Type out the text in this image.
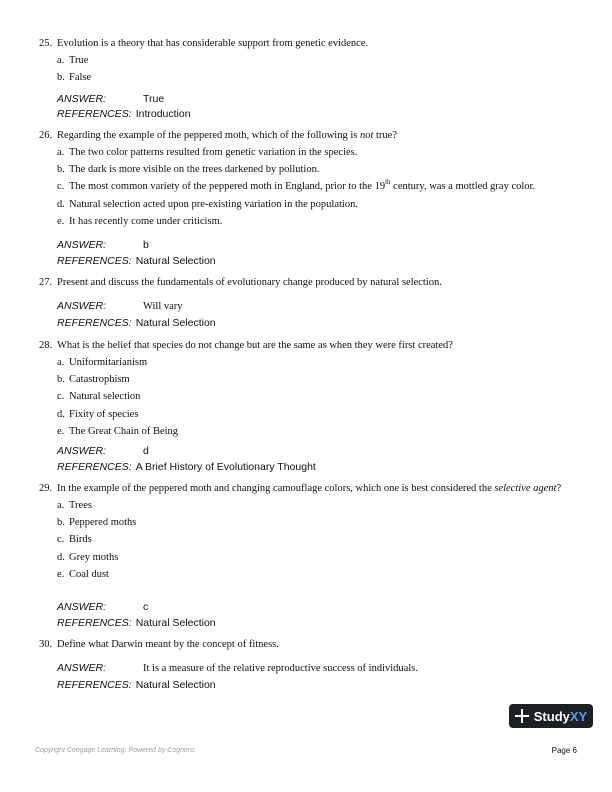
25. Evolution is a theory that has considerable support from genetic evidence.
a. True
b. False
ANSWER:	True
REFERENCES: Introduction
26. Regarding the example of the peppered moth, which of the following is not true?
a. The two color patterns resulted from genetic variation in the species.
b. The dark is more visible on the trees darkened by pollution.
c. The most common variety of the peppered moth in England, prior to the 19th century, was a mottled gray color.
d. Natural selection acted upon pre-existing variation in the population.
e. It has recently come under criticism.
ANSWER:	b
REFERENCES: Natural Selection
27. Present and discuss the fundamentals of evolutionary change produced by natural selection.
ANSWER:	Will vary
REFERENCES: Natural Selection
28. What is the belief that species do not change but are the same as when they were first created?
a. Uniformitarianism
b. Catastrophism
c. Natural selection
d. Fixity of species
e. The Great Chain of Being
ANSWER:	d
REFERENCES: A Brief History of Evolutionary Thought
29. In the example of the peppered moth and changing camouflage colors, which one is best considered the selective agent?
a. Trees
b. Peppered moths
c. Birds
d. Grey moths
e. Coal dust
ANSWER:	c
REFERENCES: Natural Selection
30. Define what Darwin meant by the concept of fitness.
ANSWER:	It is a measure of the relative reproductive success of individuals.
REFERENCES: Natural Selection
Study XY
Copyright Cengage Learning. Powered by Cognero.	Page 6
